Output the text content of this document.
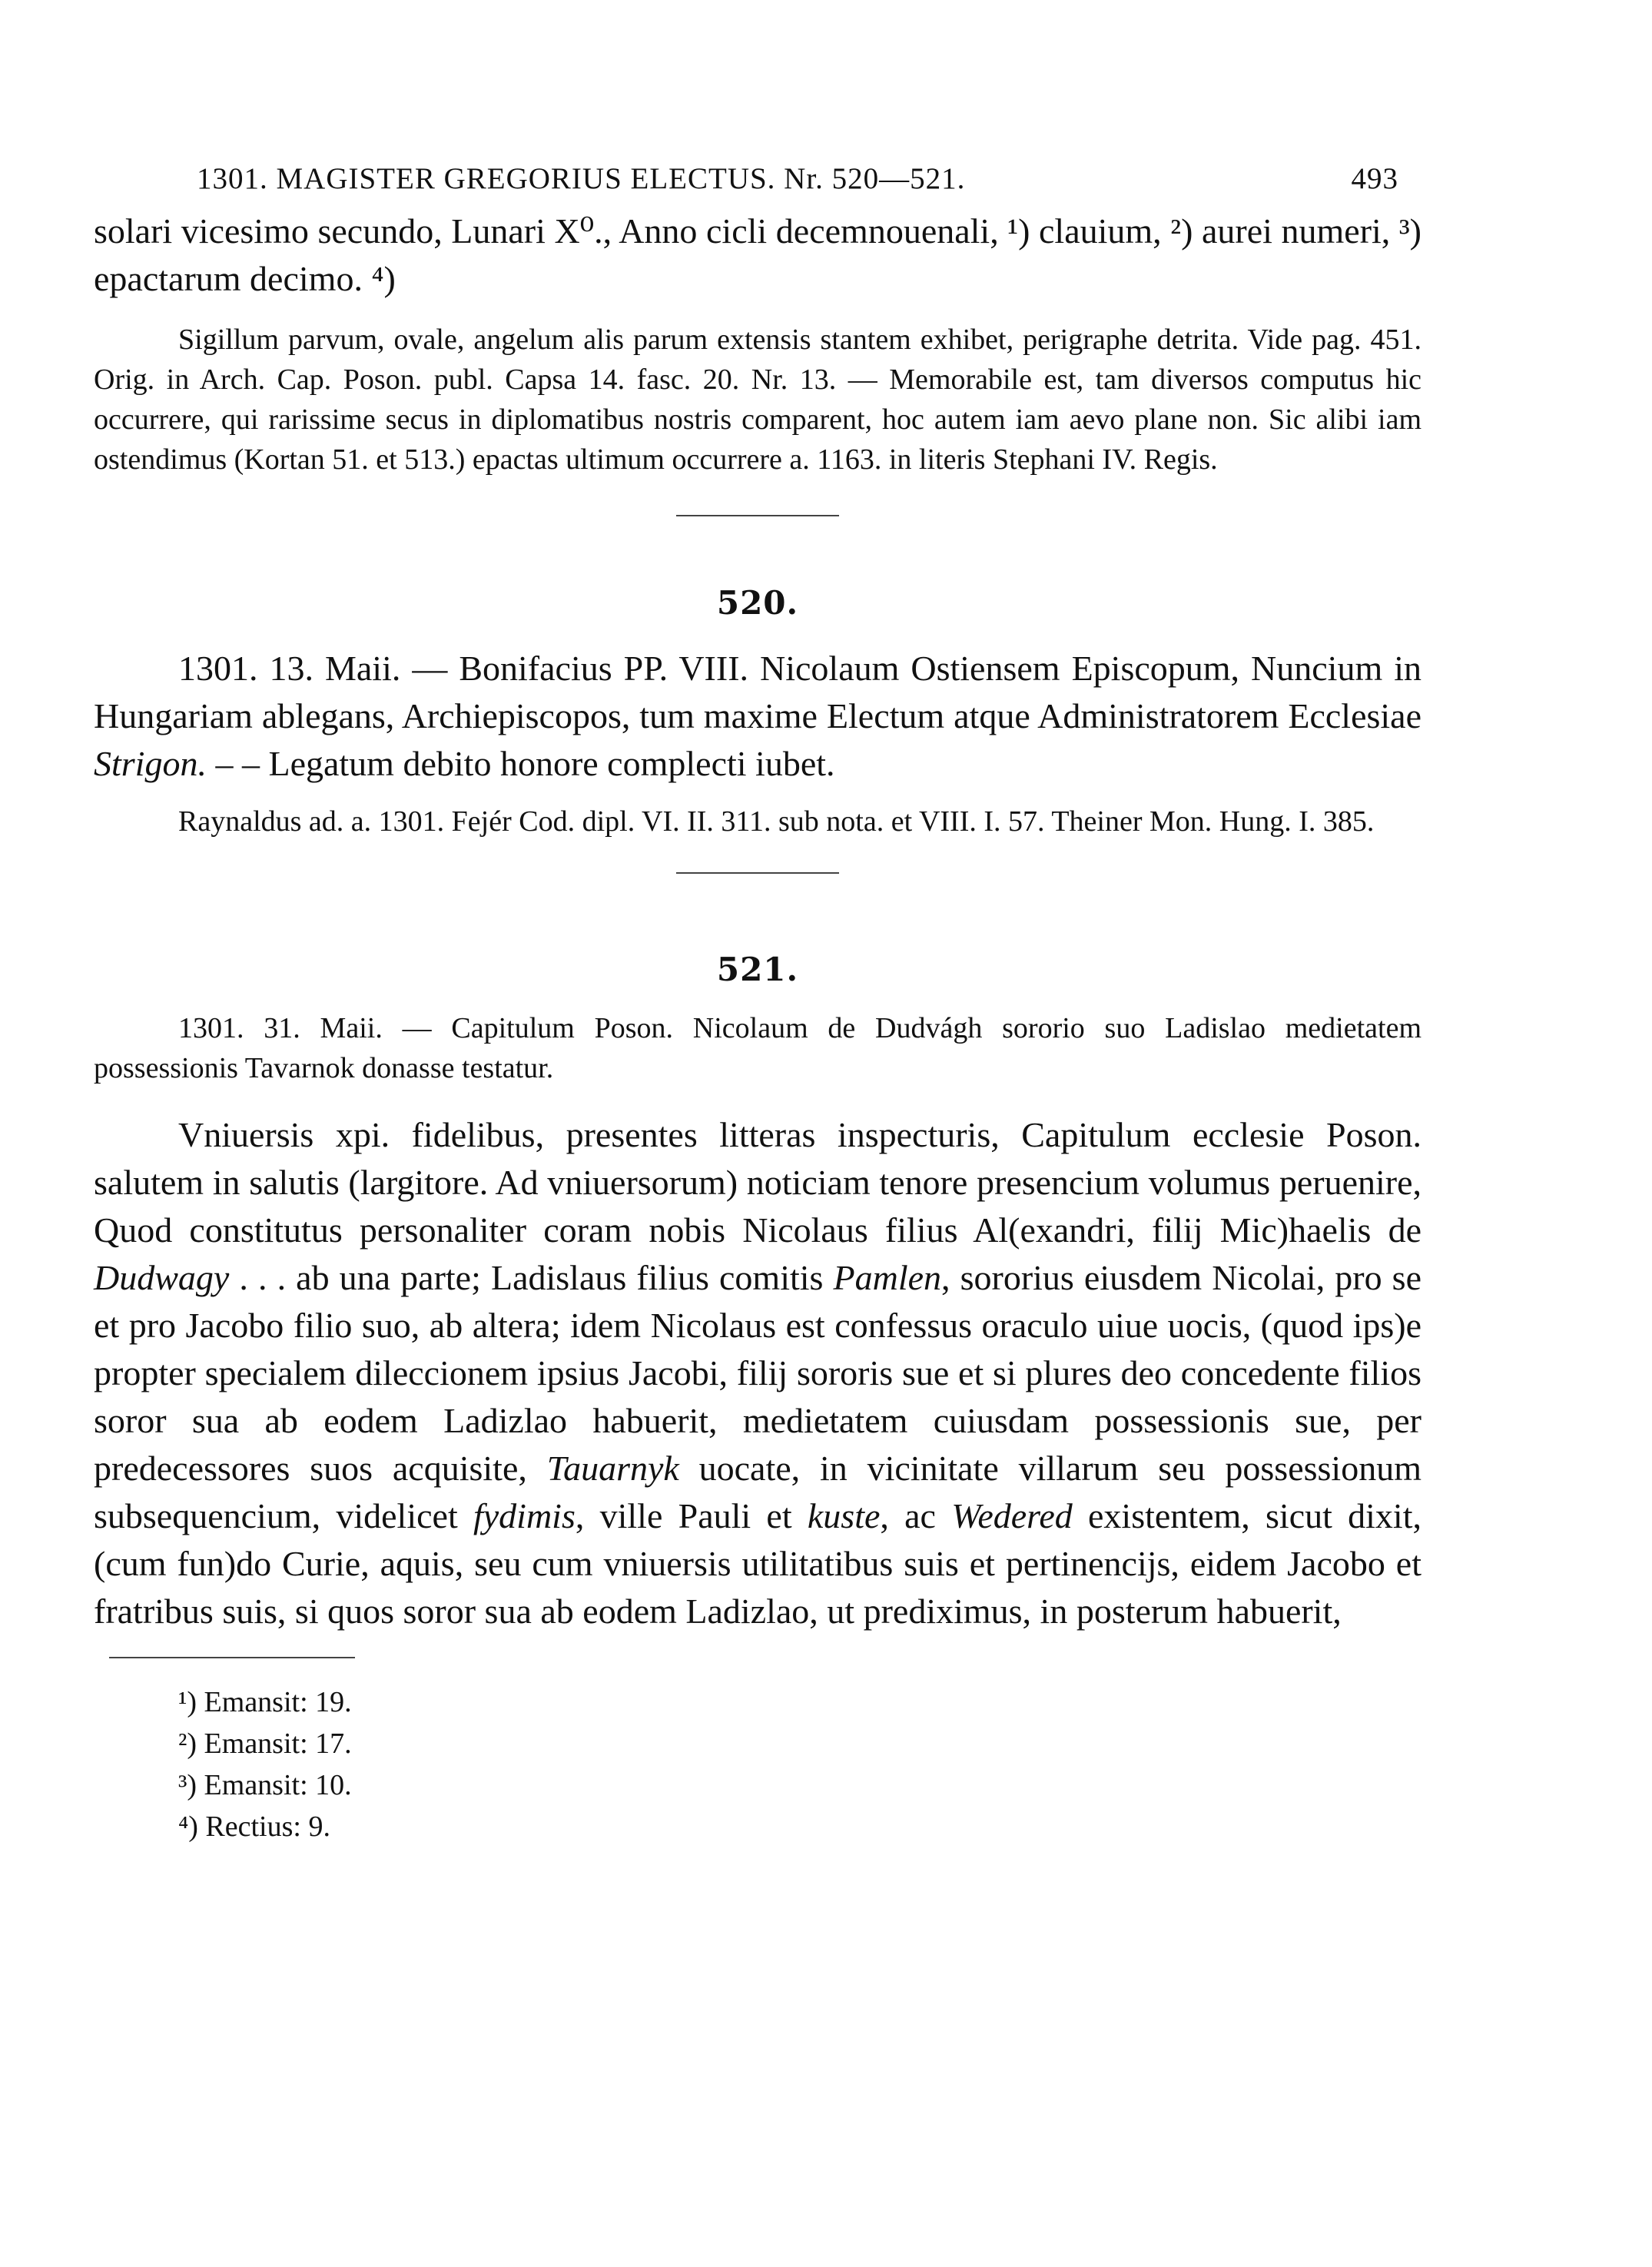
1301. MAGISTER GREGORIUS ELECTUS. Nr. 520—521.	493

solari vicesimo secundo, Lunari X⁰., Anno cicli decemnouenali, ¹) clauium, ²) aurei numeri, ³) epactarum decimo. ⁴)

Sigillum parvum, ovale, angelum alis parum extensis stantem exhibet, perigraphe detrita. Vide pag. 451. Orig. in Arch. Cap. Poson. publ. Capsa 14. fasc. 20. Nr. 13. — Memorabile est, tam diversos computus hic occurrere, qui rarissime secus in diplomatibus nostris comparent, hoc autem iam aevo plane non. Sic alibi iam ostendimus (Kortan 51. et 513.) epactas ultimum occurrere a. 1163. in literis Stephani IV. Regis.

520.

1301. 13. Maii. — Bonifacius PP. VIII. Nicolaum Ostiensem Episcopum, Nuncium in Hungariam ablegans, Archiepiscopos, tum maxime Electum atque Administratorem Ecclesiae Strigon. – – Legatum debito honore complecti iubet.

Raynaldus ad. a. 1301. Fejér Cod. dipl. VI. II. 311. sub nota. et VIII. I. 57. Theiner Mon. Hung. I. 385.

521.

1301. 31. Maii. — Capitulum Poson. Nicolaum de Dudvágh sororio suo Ladislao medietatem possessionis Tavarnok donasse testatur.

Vniuersis xpi. fidelibus, presentes litteras inspecturis, Capitulum ecclesie Poson. salutem in salutis (largitore. Ad vniuersorum) noticiam tenore presencium volumus peruenire, Quod constitutus personaliter coram nobis Nicolaus filius Al(exandri, filij Mic)haelis de Dudwagy . . . ab una parte; Ladislaus filius comitis Pamlen, sororius eiusdem Nicolai, pro se et pro Jacobo filio suo, ab altera; idem Nicolaus est confessus oraculo uiue uocis, (quod ips)e propter specialem dileccionem ipsius Jacobi, filij sororis sue et si plures deo concedente filios soror sua ab eodem Ladizlao habuerit, medietatem cuiusdam possessionis sue, per predecessores suos acquisite, Tauarnyk uocate, in vicinitate villarum seu possessionum subsequencium, videlicet fydimis, ville Pauli et kuste, ac Wedered existentem, sicut dixit, (cum fun)do Curie, aquis, seu cum vniuersis utilitatibus suis et pertinencijs, eidem Jacobo et fratribus suis, si quos soror sua ab eodem Ladizlao, ut prediximus, in posterum habuerit,

¹) Emansit: 19.
²) Emansit: 17.
³) Emansit: 10.
⁴) Rectius: 9.
